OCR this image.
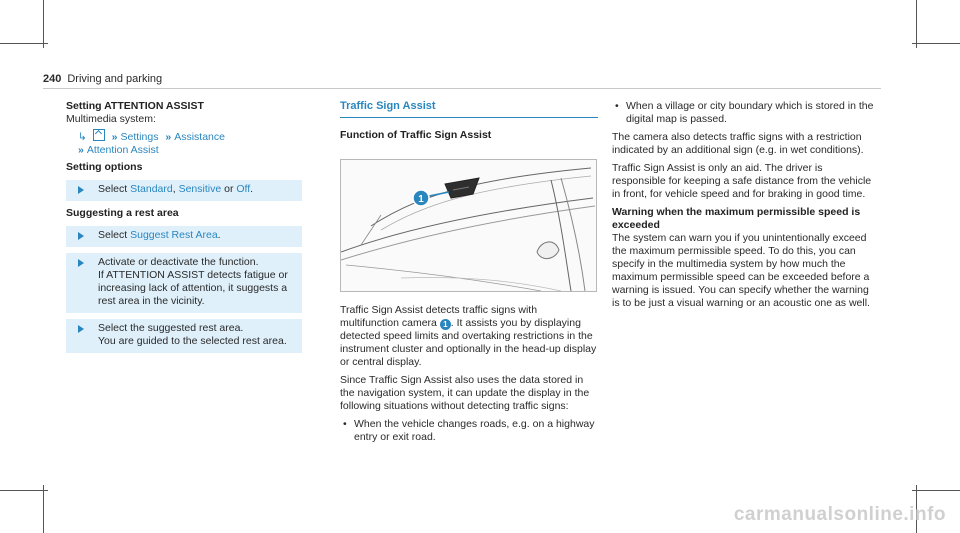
240 Driving and parking
Setting ATTENTION ASSIST
Multimedia system:
↳ » Settings » Assistance
» Attention Assist
Setting options
Select Standard, Sensitive or Off.
Suggesting a rest area
Select Suggest Rest Area.
Activate or deactivate the function.
If ATTENTION ASSIST detects fatigue or increasing lack of attention, it suggests a rest area in the vicinity.
Select the suggested rest area.
You are guided to the selected rest area.
Traffic Sign Assist
Function of Traffic Sign Assist
1
Traffic Sign Assist detects traffic signs with multifunction camera 1 . It assists you by displaying detected speed limits and overtaking restrictions in the instrument cluster and optionally in the head-up display or central display.
Since Traffic Sign Assist also uses the data stored in the navigation system, it can update the display in the following situations without detecting traffic signs:
• When the vehicle changes roads, e.g. on a highway entry or exit road.
• When a village or city boundary which is stored in the digital map is passed.
The camera also detects traffic signs with a restriction indicated by an additional sign (e.g. in wet conditions).
Traffic Sign Assist is only an aid. The driver is responsible for keeping a safe distance from the vehicle in front, for vehicle speed and for braking in good time.
Warning when the maximum permissible speed is exceeded
The system can warn you if you unintentionally exceed the maximum permissible speed. To do this, you can specify in the multimedia system by how much the maximum permissible speed can be exceeded before a warning is issued. You can specify whether the warning is to be just a visual warning or an acoustic one as well.
carmanualsonline.info
